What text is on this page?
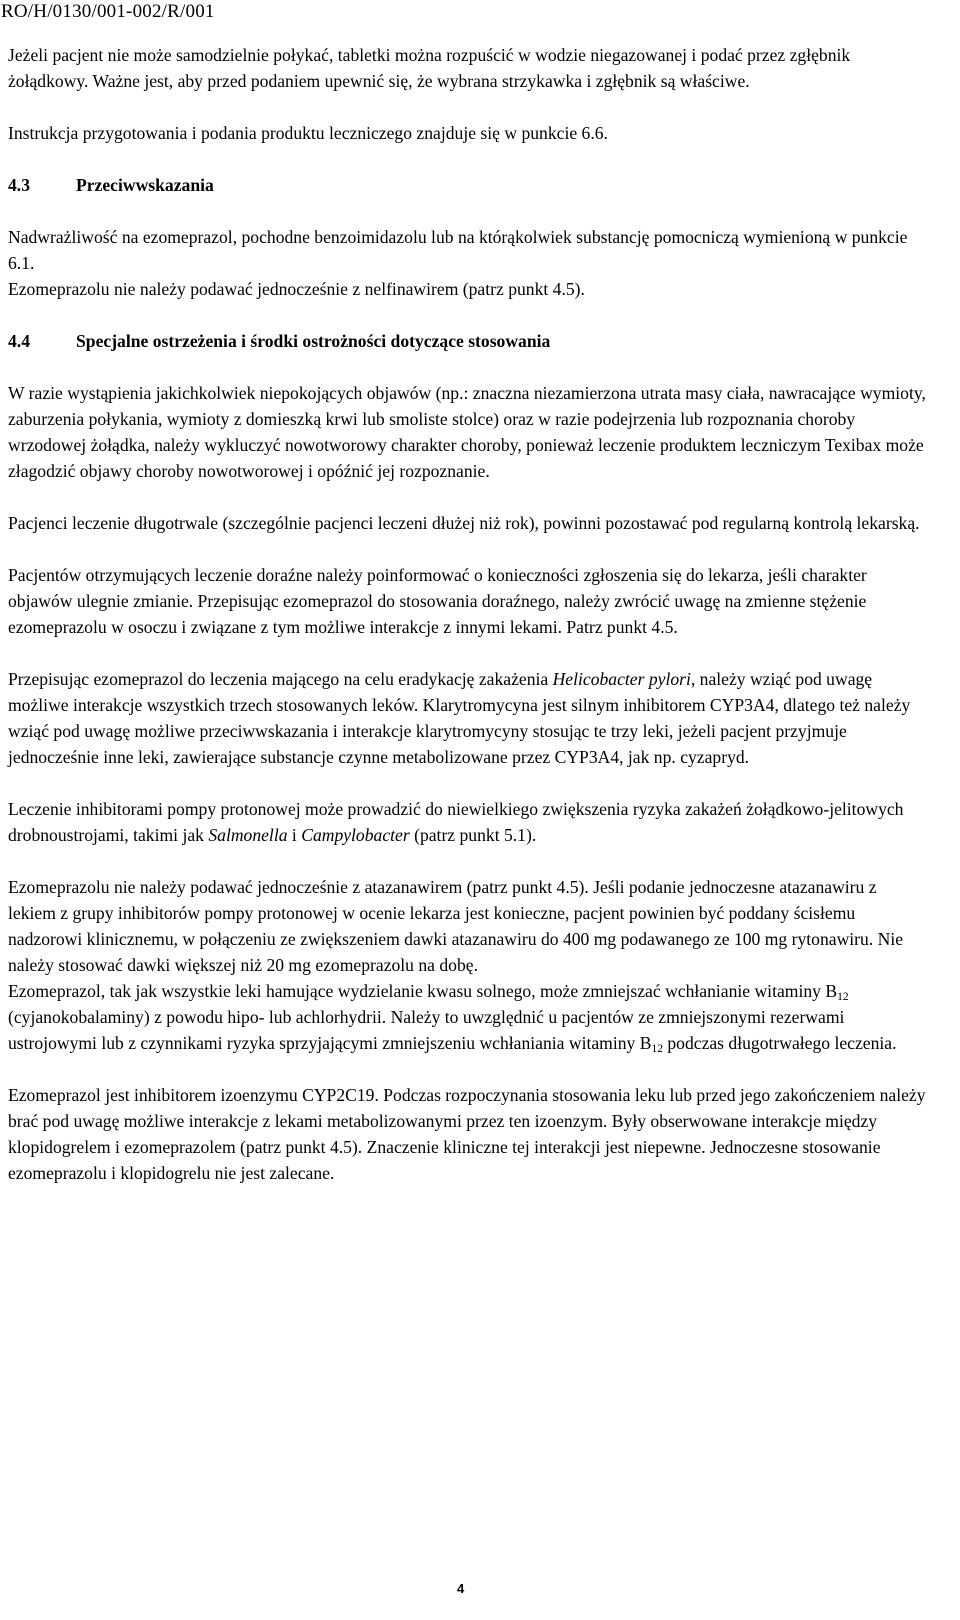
RO/H/0130/001-002/R/001

Jeżeli pacjent nie może samodzielnie połykać, tabletki można rozpuścić w wodzie niegazowanej i podać przez zgłębnik żołądkowy. Ważne jest, aby przed podaniem upewnić się, że wybrana strzykawka i zgłębnik są właściwe.

Instrukcja przygotowania i podania produktu leczniczego znajduje się w punkcie 6.6.

4.3	Przeciwwskazania

Nadwrażliwość na ezomeprazol, pochodne benzoimidazolu lub na którąkolwiek substancję pomocniczą wymienioną w punkcie 6.1.

Ezomeprazolu nie należy podawać jednocześnie z nelfinawirem (patrz punkt 4.5).

4.4	Specjalne ostrzeżenia i środki ostrożności dotyczące stosowania

W razie wystąpienia jakichkolwiek niepokojących objawów (np.: znaczna niezamierzona utrata masy ciała, nawracające wymioty, zaburzenia połykania, wymioty z domieszką krwi lub smoliste stolce) oraz w razie podejrzenia lub rozpoznania choroby wrzodowej żołądka, należy wykluczyć nowotworowy charakter choroby, ponieważ leczenie produktem leczniczym Texibax może złagodzić objawy choroby nowotworowej i opóźnić jej rozpoznanie.

Pacjenci leczenie długotrwale (szczególnie pacjenci leczeni dłużej niż rok), powinni pozostawać pod regularną kontrolą lekarską.

Pacjentów otrzymujących leczenie doraźne należy poinformować o konieczności zgłoszenia się do lekarza, jeśli charakter objawów ulegnie zmianie. Przepisując ezomeprazol do stosowania doraźnego, należy zwrócić uwagę na zmienne stężenie ezomeprazolu w osoczu i związane z tym możliwe interakcje z innymi lekami. Patrz punkt 4.5.

Przepisując ezomeprazol do leczenia mającego na celu eradykację zakażenia Helicobacter pylori, należy wziąć pod uwagę możliwe interakcje wszystkich trzech stosowanych leków. Klarytromycyna jest silnym inhibitorem CYP3A4, dlatego też należy wziąć pod uwagę możliwe przeciwwskazania i interakcje klarytromycyny stosując te trzy leki, jeżeli pacjent przyjmuje jednocześnie inne leki, zawierające substancje czynne metabolizowane przez CYP3A4, jak np. cyzapryd.

Leczenie inhibitorami pompy protonowej może prowadzić do niewielkiego zwiększenia ryzyka zakażeń żołądkowo-jelitowych drobnoustrojami, takimi jak Salmonella i Campylobacter (patrz punkt 5.1).

Ezomeprazolu nie należy podawać jednocześnie z atazanawirem (patrz punkt 4.5). Jeśli podanie jednoczesne atazanawiru z lekiem z grupy inhibitorów pompy protonowej w ocenie lekarza jest konieczne, pacjent powinien być poddany ścisłemu nadzorowi klinicznemu, w połączeniu ze zwiększeniem dawki atazanawiru do 400 mg podawanego ze 100 mg rytonawiru. Nie należy stosować dawki większej niż 20 mg ezomeprazolu na dobę.

Ezomeprazol, tak jak wszystkie leki hamujące wydzielanie kwasu solnego, może zmniejszać wchłanianie witaminy $B_{12}$ (cyjanokobalaminy) z powodu hipo- lub achlorhydrii. Należy to uwzględnić u pacjentów ze zmniejszonymi rezerwami ustrojowymi lub z czynnikami ryzyka sprzyjającymi zmniejszeniu wchłaniania witaminy $B_{12}$ podczas długotrwałego leczenia.

Ezomeprazol jest inhibitorem izoenzymu CYP2C19. Podczas rozpoczynania stosowania leku lub przed jego zakończeniem należy brać pod uwagę możliwe interakcje z lekami metabolizowanymi przez ten izoenzym. Były obserwowane interakcje między klopidogrelem i ezomeprazolem (patrz punkt 4.5). Znaczenie kliniczne tej interakcji jest niepewne. Jednoczesne stosowanie ezomeprazolu i klopidogrelu nie jest zalecane.

4
